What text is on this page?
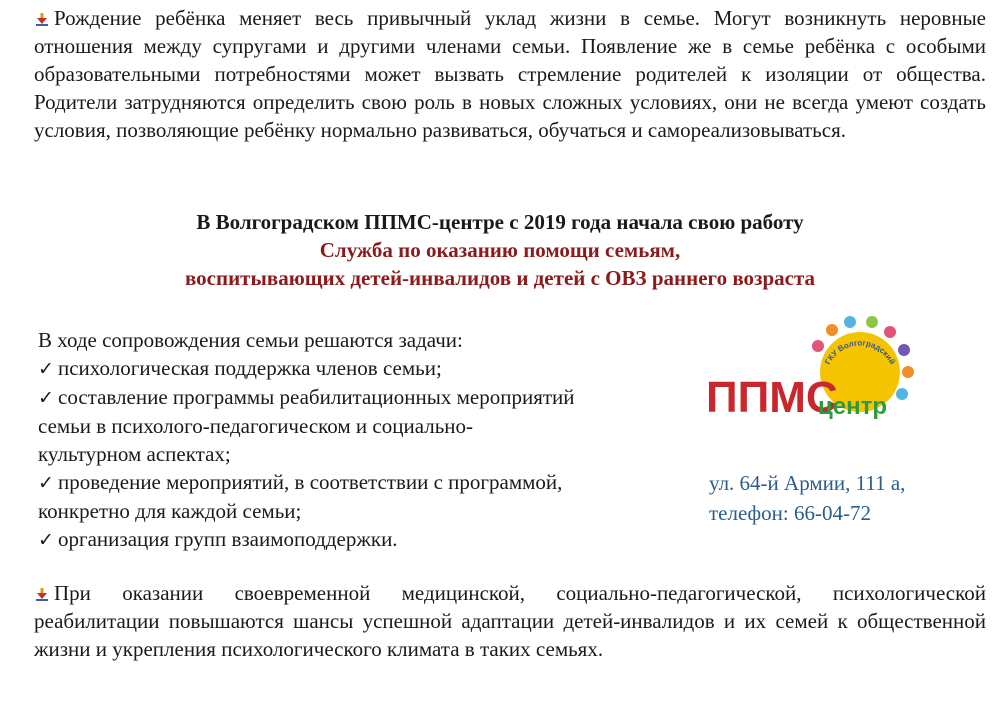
Рождение ребёнка меняет весь привычный уклад жизни в семье. Могут возникнуть неровные отношения между супругами и другими членами семьи. Появление же в семье ребёнка с особыми образовательными потребностями может вызвать стремление родителей к изоляции от общества. Родители затрудняются определить свою роль в новых сложных условиях, они не всегда умеют создать условия, позволяющие ребёнку нормально развиваться, обучаться и самореализовываться.

В Волгоградском ППМС-центре с 2019 года начала свою работу
Служба по оказанию помощи семьям,
воспитывающих детей-инвалидов и детей с ОВЗ раннего возраста
В ходе сопровождения семьи решаются задачи:
✓ психологическая поддержка членов семьи;
✓ составление программы реабилитационных мероприятий
семьи в психолого-педагогическом и социально-
культурном аспектах;
✓ проведение мероприятий, в соответствии с программой,
конкретно для каждой семьи;
✓ организация групп взаимоподдержки.
ГКУ Волгоградский
ППМС
центр
ул. 64-й Армии, 111 а,
телефон: 66-04-72

При оказании своевременной медицинской, социально-педагогической, психологической реабилитации повышаются шансы успешной адаптации детей-инвалидов и их семей к общественной жизни и укрепления психологического климата в таких семьях.
